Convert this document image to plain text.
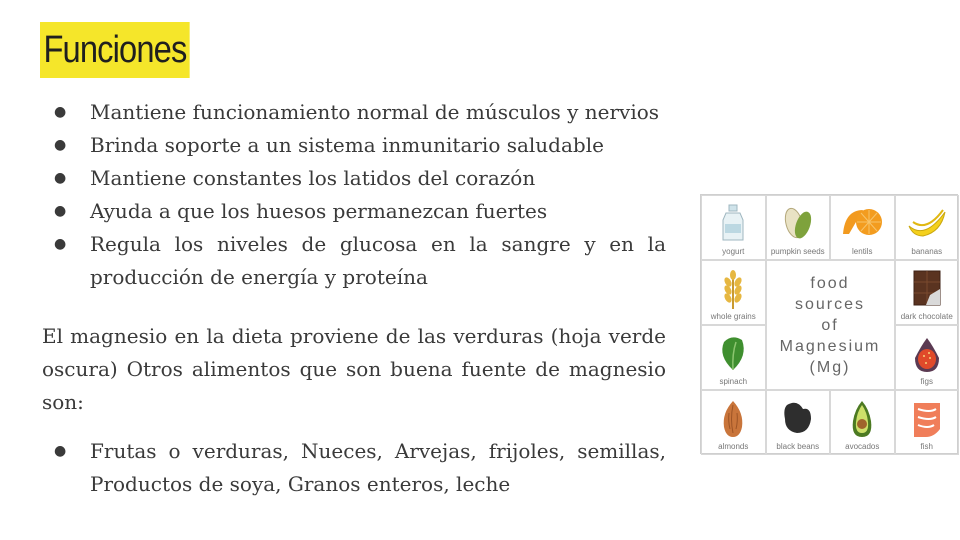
Funciones
● Mantiene funcionamiento normal de músculos y nervios
● Brinda soporte a un sistema inmunitario saludable
● Mantiene constantes los latidos del corazón
● Ayuda a que los huesos permanezcan fuertes
● Regula los niveles de glucosa en la sangre y en la producción de energía y proteína
El magnesio en la dieta proviene de las verduras (hoja verde oscura) Otros alimentos que son buena fuente de magnesio son:
● Frutas o verduras, Nueces, Arvejas, frijoles, semillas, Productos de soya, Granos enteros, leche
yogurt	pumpkin seeds	lentils	bananas
whole grains
spinach
food
sources
of
Magnesium
(Mg)
dark chocolate
figs
almonds	black beans	avocados	fish
